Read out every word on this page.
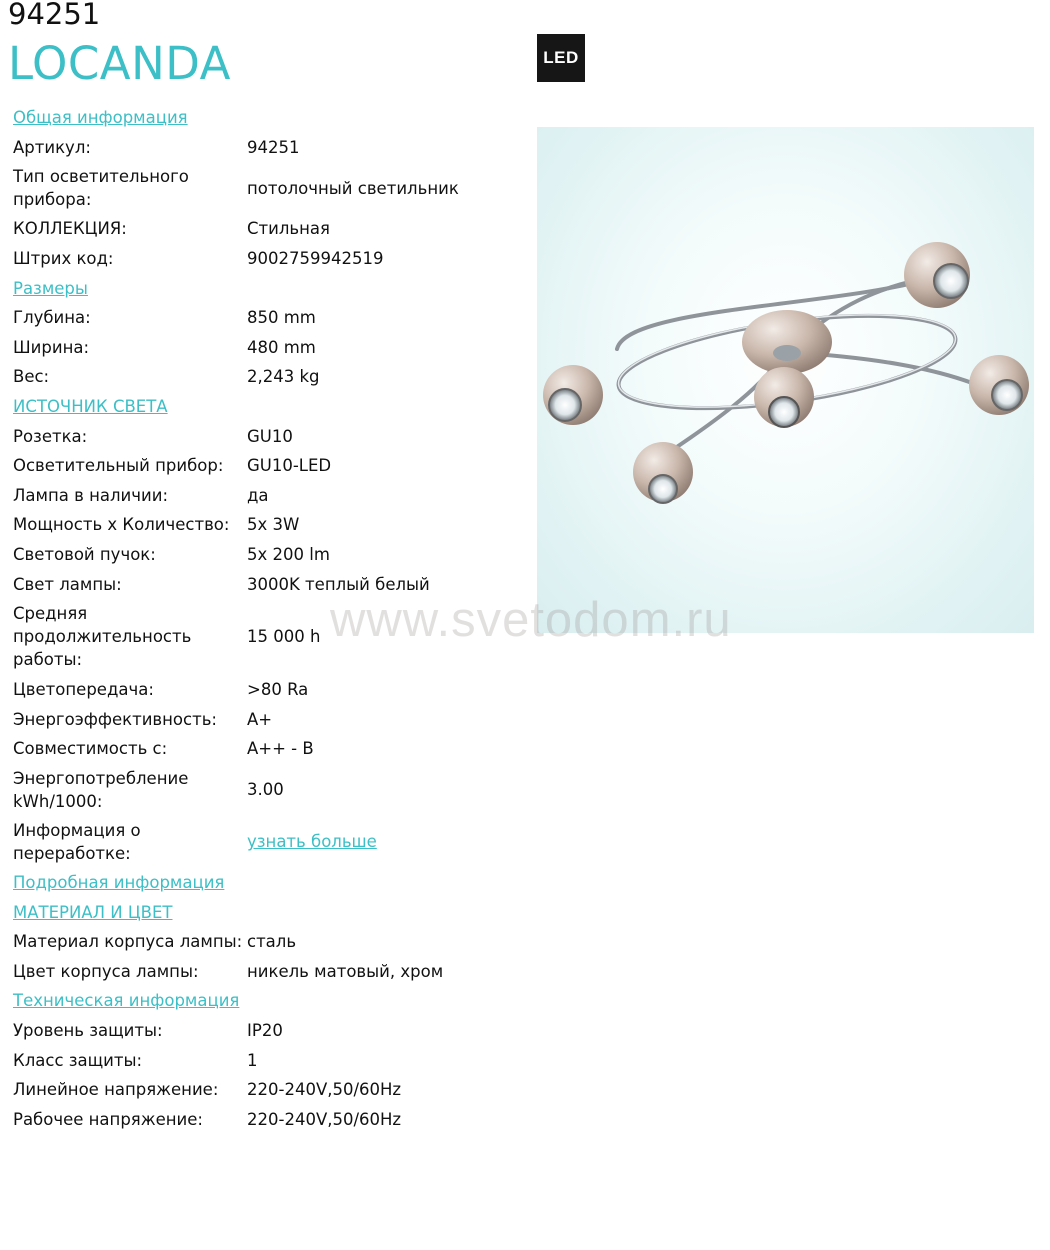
94251
LOCANDA	LED
Общая информация
Артикул:	94251
Тип осветительного прибора:
потолочный светильник
КОЛЛЕКЦИЯ:	Стильная
Штрих код:	9002759942519
Размеры
Глубина:	850 mm
Ширина:	480 mm
Вес:	2,243 kg
ИСТОЧНИК СВЕТА
Розетка:	GU10
Осветительный прибор:	GU10-LED
Лампа в наличии:	да
Мощность x Количество:	5x 3W
Световой пучок:	5x 200 lm
Свет лампы:	3000K теплый белый
Средняя продолжительность работы:
15 000 h
Цветопередача:	>80 Ra
Энергоэффективность:	A+
Совместимость с:	A++ - B
Энергопотребление kWh/1000:
3.00
Информация о переработке:
узнать больше
Подробная информация
МАТЕРИАЛ И ЦВЕТ
Материал корпуса лампы: сталь
Цвет корпуса лампы:	никель матовый, хром
Техническая информация
Уровень защиты:	IP20
Класс защиты:	1
Линейное напряжение:	220-240V,50/60Hz
Рабочее напряжение:	220-240V,50/60Hz
www.svetodom.ru
